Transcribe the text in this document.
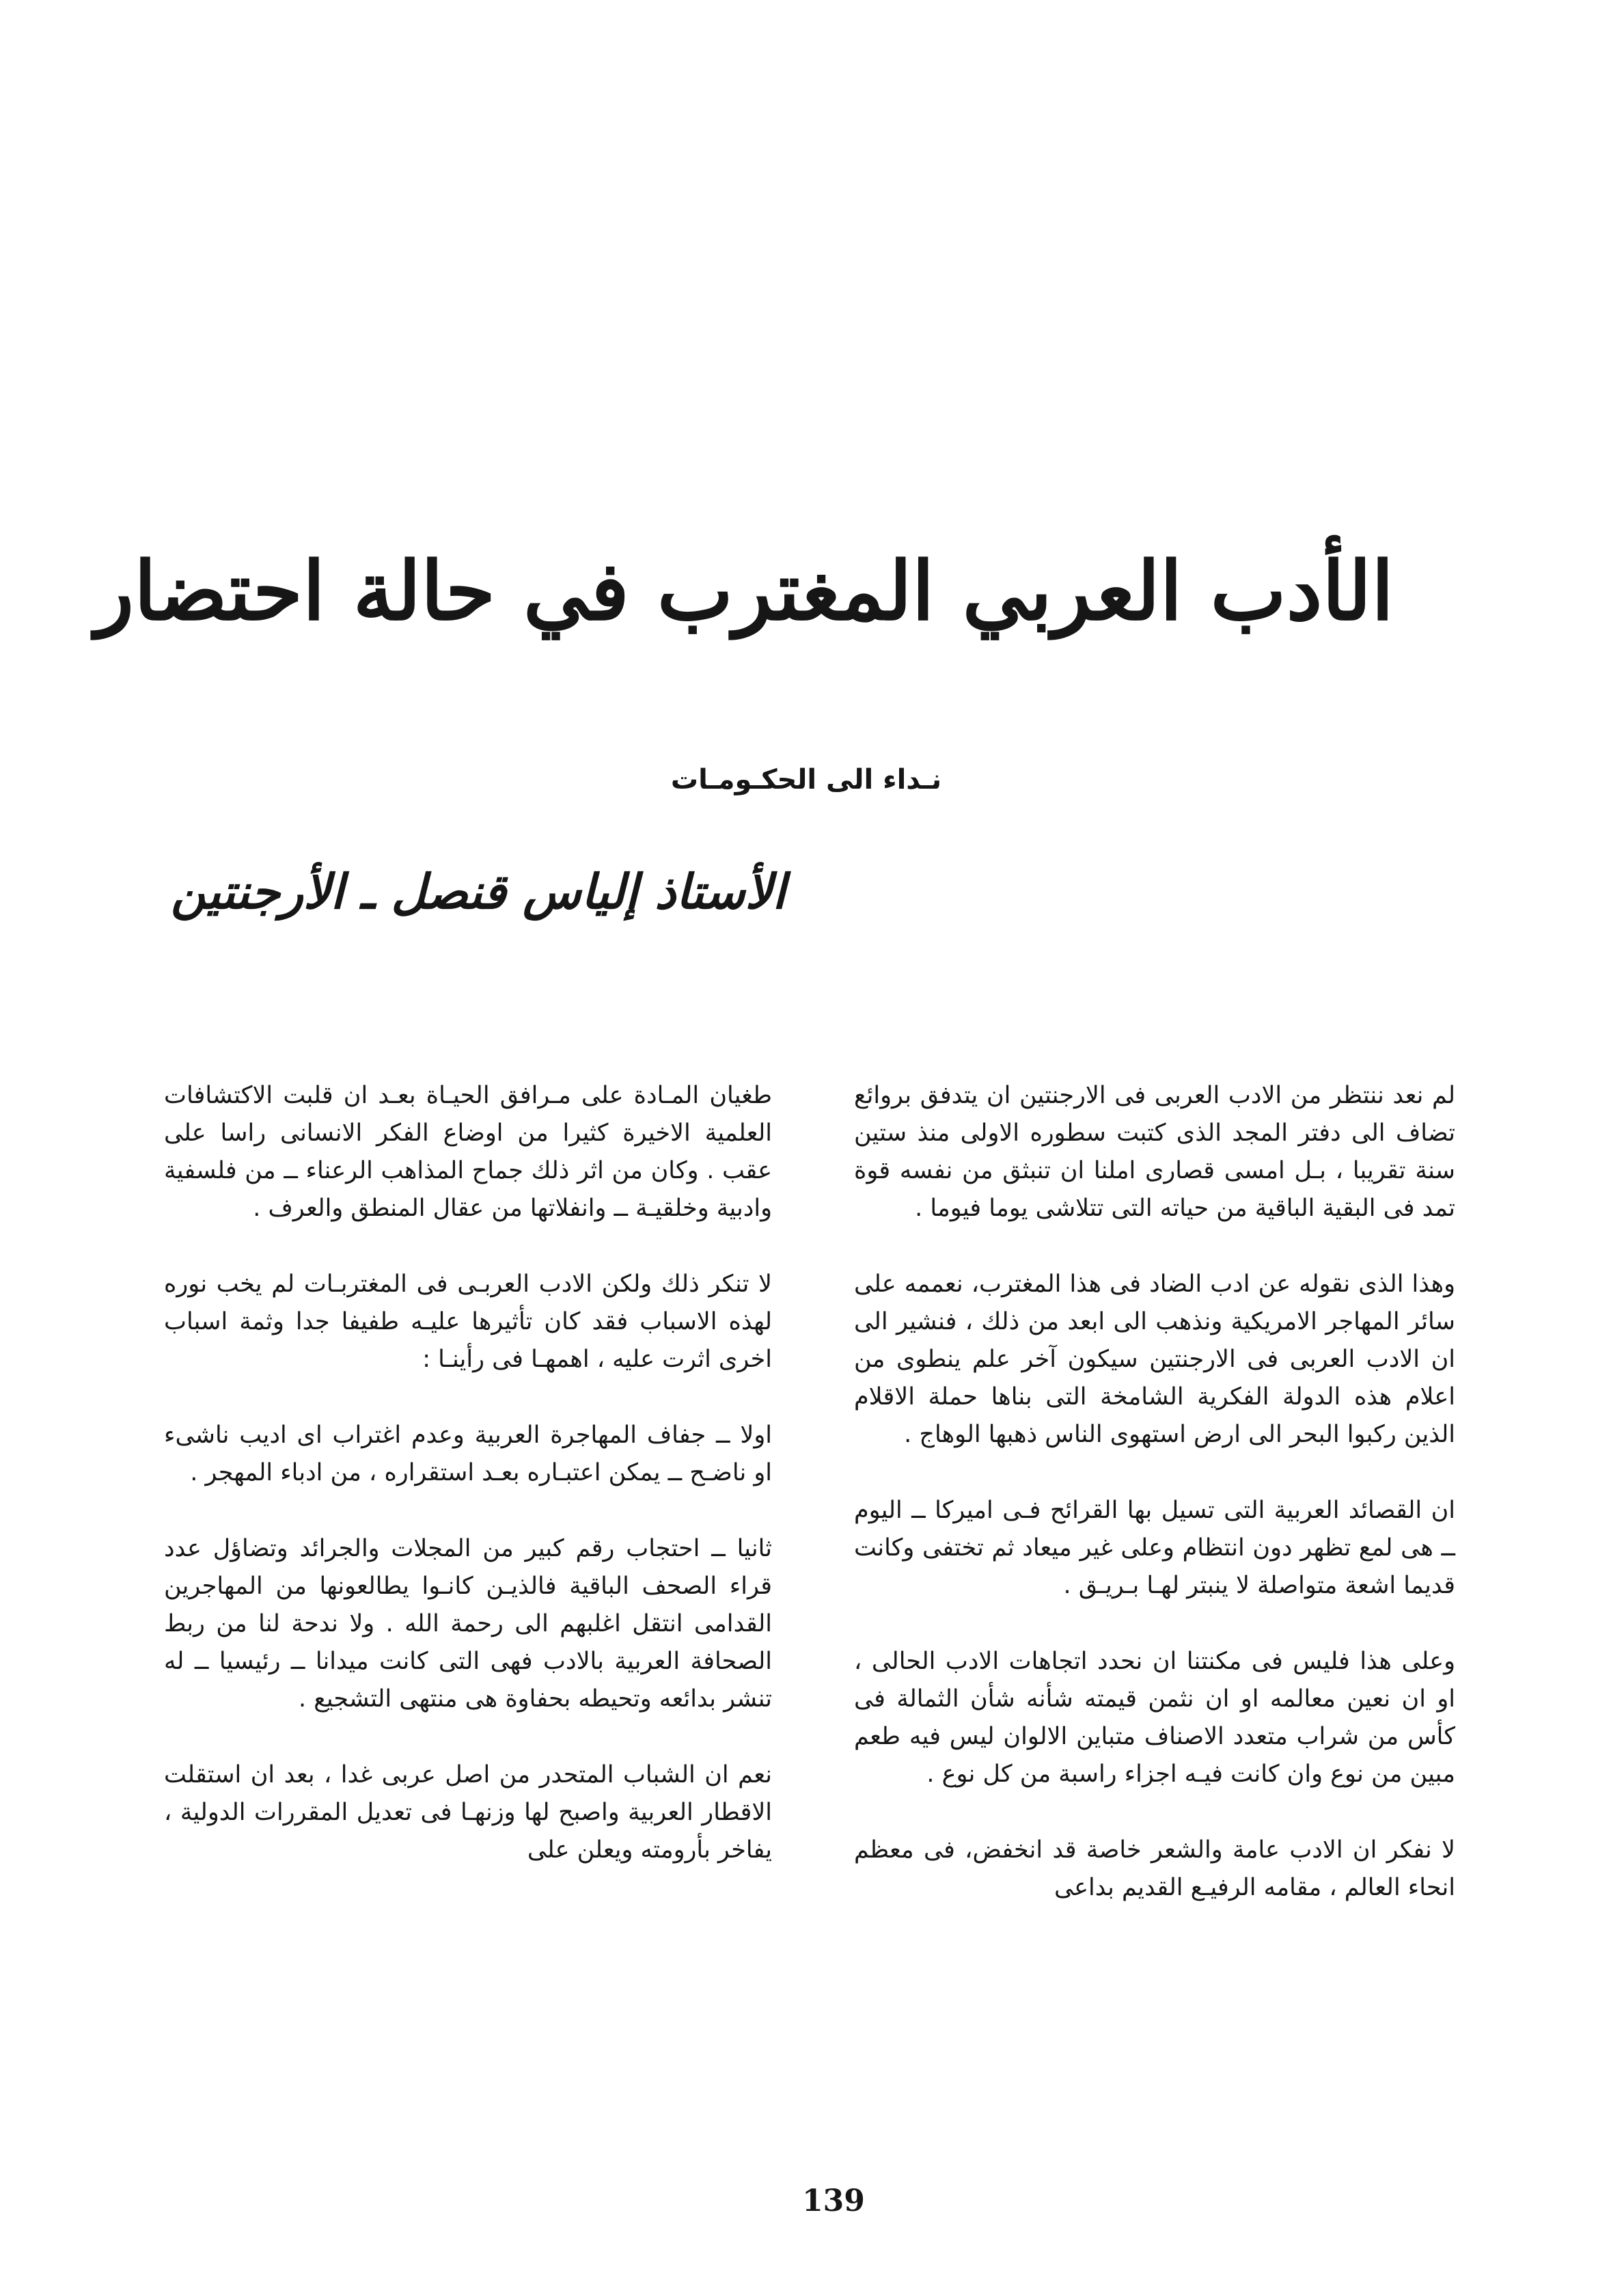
الأدب العربي المغترب في حالة احتضار
نـداء الى الحكـومـات
الأستاذ إلياس قنصل ـ الأرجنتين

لم نعد ننتظر من الادب العربى فى الارجنتين ان يتدفق بروائع تضاف الى دفتر المجد الذى كتبت سطوره الاولى منذ ستين سنة تقريبا ، بـل امسى قصارى املنا ان تنبثق من نفسه قوة تمد فى البقية الباقية من حياته التى تتلاشى يوما فيوما .

وهذا الذى نقوله عن ادب الضاد فى هذا المغترب، نعممه على سائر المهاجر الامريكية ونذهب الى ابعد من ذلك ، فنشير الى ان الادب العربى فى الارجنتين سيكون آخر علم ينطوى من اعلام هذه الدولة الفكرية الشامخة التى بناها حملة الاقلام الذين ركبوا البحر الى ارض استهوى الناس ذهبها الوهاج .

ان القصائد العربية التى تسيل بها القرائح فـى اميركا ــ اليوم ــ هى لمع تظهر دون انتظام وعلى غير ميعاد ثم تختفى وكانت قديما اشعة متواصلة لا ينبتر لهـا بـريـق .

وعلى هذا فليس فى مكنتنا ان نحدد اتجاهات الادب الحالى ، او ان نعين معالمه او ان نثمن قيمته شأنه شأن الثمالة فى كأس من شراب متعدد الاصناف متباين الالوان ليس فيه طعم مبين من نوع وان كانت فيـه اجزاء راسبة من كل نوع .

لا نفكر ان الادب عامة والشعر خاصة قد انخفض، فى معظم انحاء العالم ، مقامه الرفيـع القديم بداعى

طغيان المـادة على مـرافق الحيـاة بعـد ان قلبت الاكتشافات العلمية الاخيرة كثيرا من اوضاع الفكر الانسانى راسا على عقب . وكان من اثر ذلك جماح المذاهب الرعناء ــ من فلسفية وادبية وخلقيـة ــ وانفلاتها من عقال المنطق والعرف .

لا تنكر ذلك ولكن الادب العربـى فى المغتربـات لم يخب نوره لهذه الاسباب فقد كان تأثيرها عليـه طفيفا جدا وثمة اسباب اخرى اثرت عليه ، اهمهـا فى رأينـا :

اولا ــ جفاف المهاجرة العربية وعدم اغتراب اى اديب ناشىء او ناضـح ــ يمكن اعتبـاره بعـد استقراره ، من ادباء المهجر .

ثانيا ــ احتجاب رقم كبير من المجلات والجرائد وتضاؤل عدد قراء الصحف الباقية فالذيـن كانـوا يطالعونها من المهاجرين القدامى انتقل اغلبهم الى رحمة الله . ولا ندحة لنا من ربط الصحافة العربية بالادب فهى التى كانت ميدانا ــ رئيسيا ــ له تنشر بدائعه وتحيطه بحفاوة هى منتهى التشجيع .

نعم ان الشباب المتحدر من اصل عربى غدا ، بعد ان استقلت الاقطار العربية واصبح لها وزنهـا فى تعديل المقررات الدولية ، يفاخر بأرومته ويعلن على

139
